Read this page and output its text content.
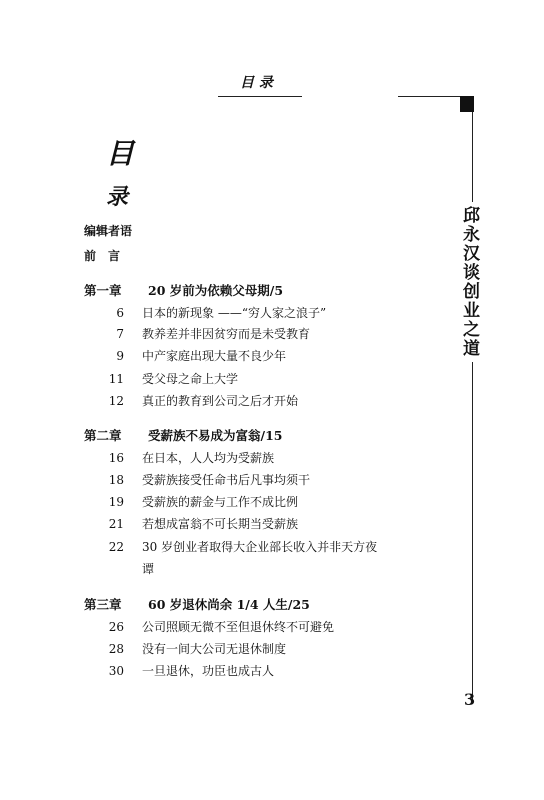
目 录
邱永汉谈创业之道
3
目
录
编辑者语
前　言
第一章 20 岁前为依赖父母期/5
6 日本的新现象 ——“穷人家之浪子”
7 教养差并非因贫穷而是未受教育
9 中产家庭出现大量不良少年
11 受父母之命上大学
12 真正的教育到公司之后才开始
第二章 受薪族不易成为富翁/15
16 在日本，人人均为受薪族
18 受薪族接受任命书后凡事均须干
19 受薪族的薪金与工作不成比例
21 若想成富翁不可长期当受薪族
22 30 岁创业者取得大企业部长收入并非天方夜
谭
第三章 60 岁退休尚余 1/4 人生/25
26 公司照顾无微不至但退休终不可避免
28 没有一间大公司无退休制度
30 一旦退休，功臣也成古人
